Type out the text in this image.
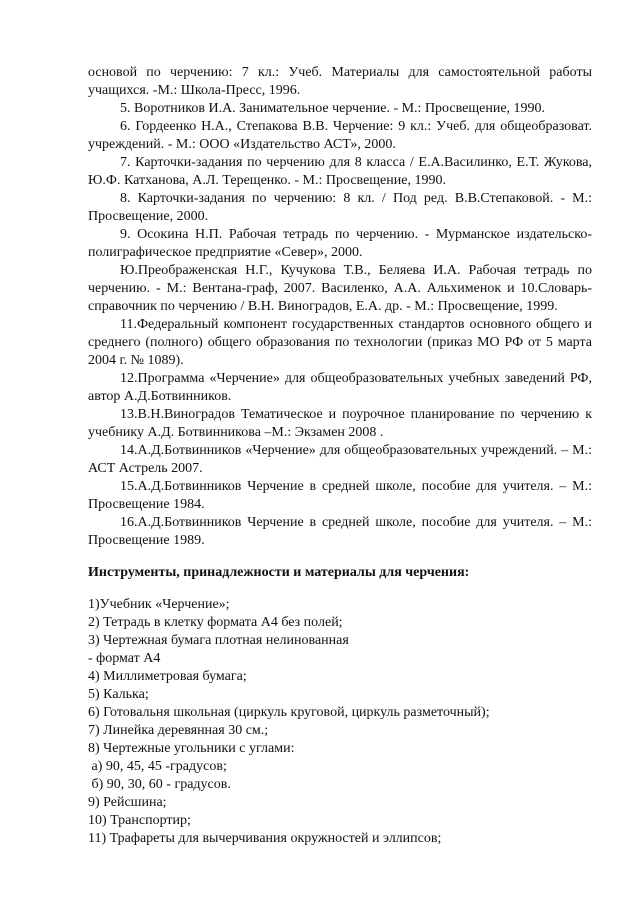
основой по черчению: 7 кл.: Учеб. Материалы для самостоятельной работы учащихся. -М.: Школа-Пресс, 1996.

5. Воротников И.А. Занимательное черчение. - М.: Просвещение, 1990.

6. Гордеенко Н.А., Степакова В.В. Черчение: 9 кл.: Учеб. для общеобразоват. учреждений. - М.: ООО «Издательство АСТ», 2000.

7. Карточки-задания по черчению для 8 класса / Е.А.Василинко, Е.Т. Жукова, Ю.Ф. Катханова, А.Л. Терещенко. - М.: Просвещение, 1990.

8. Карточки-задания по черчению: 8 кл. / Под ред. В.В.Степаковой. - М.: Просвещение, 2000.

9. Осокина Н.П. Рабочая тетрадь по черчению. - Мурманское издательско-полиграфическое предприятие «Север», 2000.

Ю.Преображенская Н.Г., Кучукова Т.В., Беляева И.А. Рабочая тетрадь по черчению. - М.: Вентана-граф, 2007. Василенко, А.А. Альхименок и 10.Словарь-справочник по черчению / В.Н. Виноградов, Е.А. др. - М.: Просвещение, 1999.

11.Федеральный компонент государственных стандартов основного общего и среднего (полного) общего образования по технологии (приказ МО РФ от 5 марта 2004 г. № 1089).

12.Программа «Черчение» для общеобразовательных учебных заведений РФ, автор А.Д.Ботвинников.

13.В.Н.Виноградов Тематическое и поурочное планирование по черчению к учебнику А.Д. Ботвинникова –М.: Экзамен 2008 .

14.А.Д.Ботвинников «Черчение» для общеобразовательных учреждений. – М.: АСТ Астрель 2007.

15.А.Д.Ботвинников Черчение в средней школе, пособие для учителя. – М.: Просвещение 1984.

16.А.Д.Ботвинников Черчение в средней школе, пособие для учителя. – М.: Просвещение 1989.

Инструменты, принадлежности и материалы для черчения:

1)Учебник «Черчение»;

2) Тетрадь в клетку формата А4 без полей;

3) Чертежная бумага плотная нелинованная

- формат А4

4) Миллиметровая бумага;

5) Калька;

6) Готовальня школьная (циркуль круговой, циркуль разметочный);

7) Линейка деревянная 30 см.;

8) Чертежные угольники с углами:

а) 90, 45, 45 -градусов;

б) 90, 30, 60 - градусов.

9) Рейсшина;

10) Транспортир;

11) Трафареты для вычерчивания окружностей и эллипсов;
